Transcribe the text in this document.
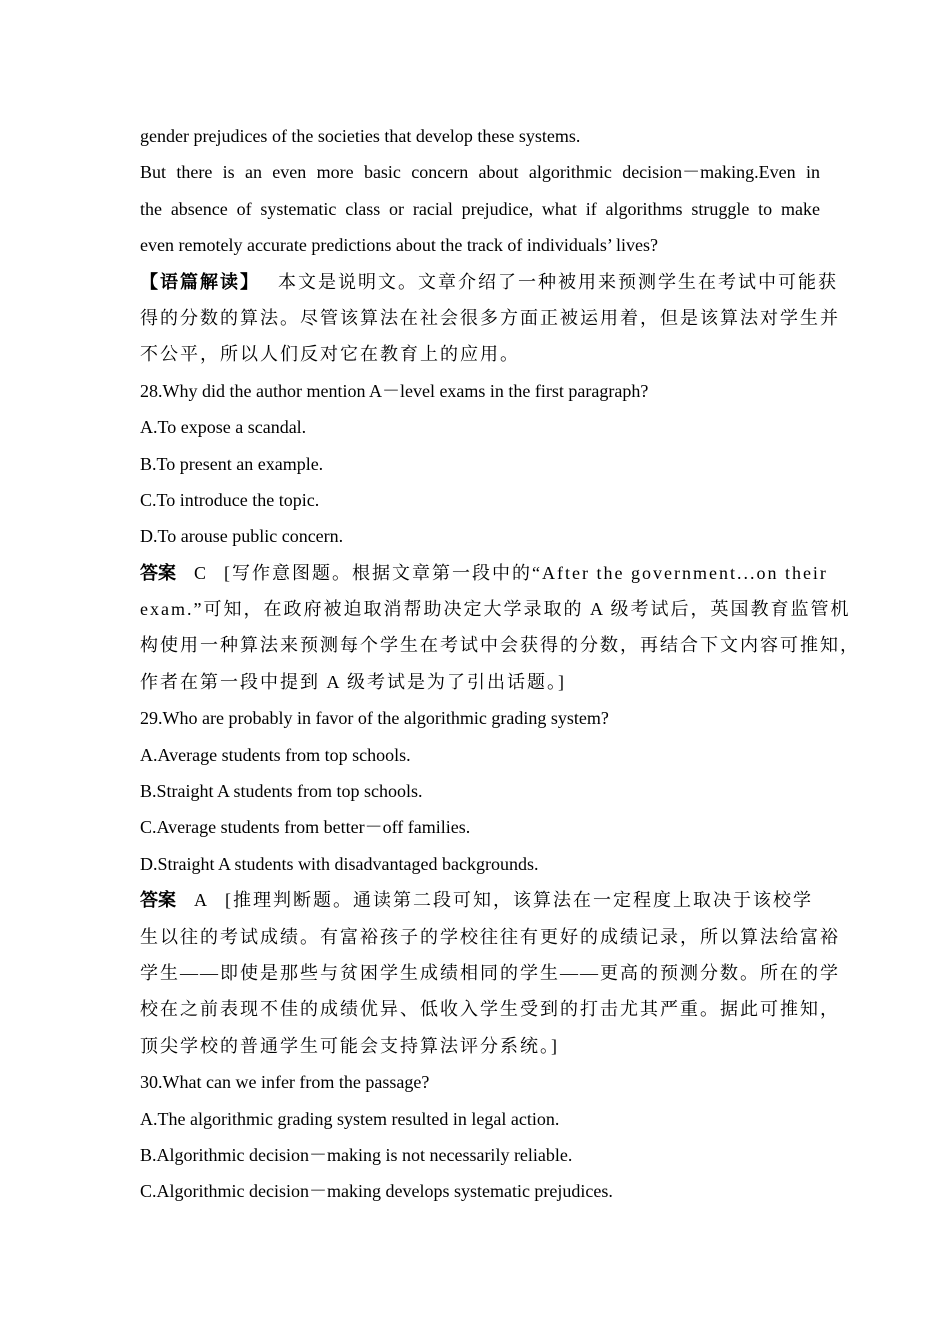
gender prejudices of the societies that develop these systems.
But there is an even more basic concern about algorithmic decision－making.Even in
the absence of systematic class or racial prejudice, what if algorithms struggle to make
even remotely accurate predictions about the track of individuals’ lives?
【语篇解读】 本文是说明文。文章介绍了一种被用来预测学生在考试中可能获
得的分数的算法。尽管该算法在社会很多方面正被运用着，但是该算法对学生并
不公平，所以人们反对它在教育上的应用。
28.Why did the author mention A－level exams in the first paragraph?
A.To expose a scandal.
B.To present an example.
C.To introduce the topic.
D.To arouse public concern.
答案 C [写作意图题。根据文章第一段中的“After the government...on their
exam.”可知，在政府被迫取消帮助决定大学录取的 A 级考试后，英国教育监管机
构使用一种算法来预测每个学生在考试中会获得的分数，再结合下文内容可推知，
作者在第一段中提到 A 级考试是为了引出话题。]
29.Who are probably in favor of the algorithmic grading system?
A.Average students from top schools.
B.Straight A students from top schools.
C.Average students from better－off families.
D.Straight A students with disadvantaged backgrounds.
答案 A [推理判断题。通读第二段可知，该算法在一定程度上取决于该校学
生以往的考试成绩。有富裕孩子的学校往往有更好的成绩记录，所以算法给富裕
学生——即使是那些与贫困学生成绩相同的学生——更高的预测分数。所在的学
校在之前表现不佳的成绩优异、低收入学生受到的打击尤其严重。据此可推知，
顶尖学校的普通学生可能会支持算法评分系统。]
30.What can we infer from the passage?
A.The algorithmic grading system resulted in legal action.
B.Algorithmic decision－making is not necessarily reliable.
C.Algorithmic decision－making develops systematic prejudices.
